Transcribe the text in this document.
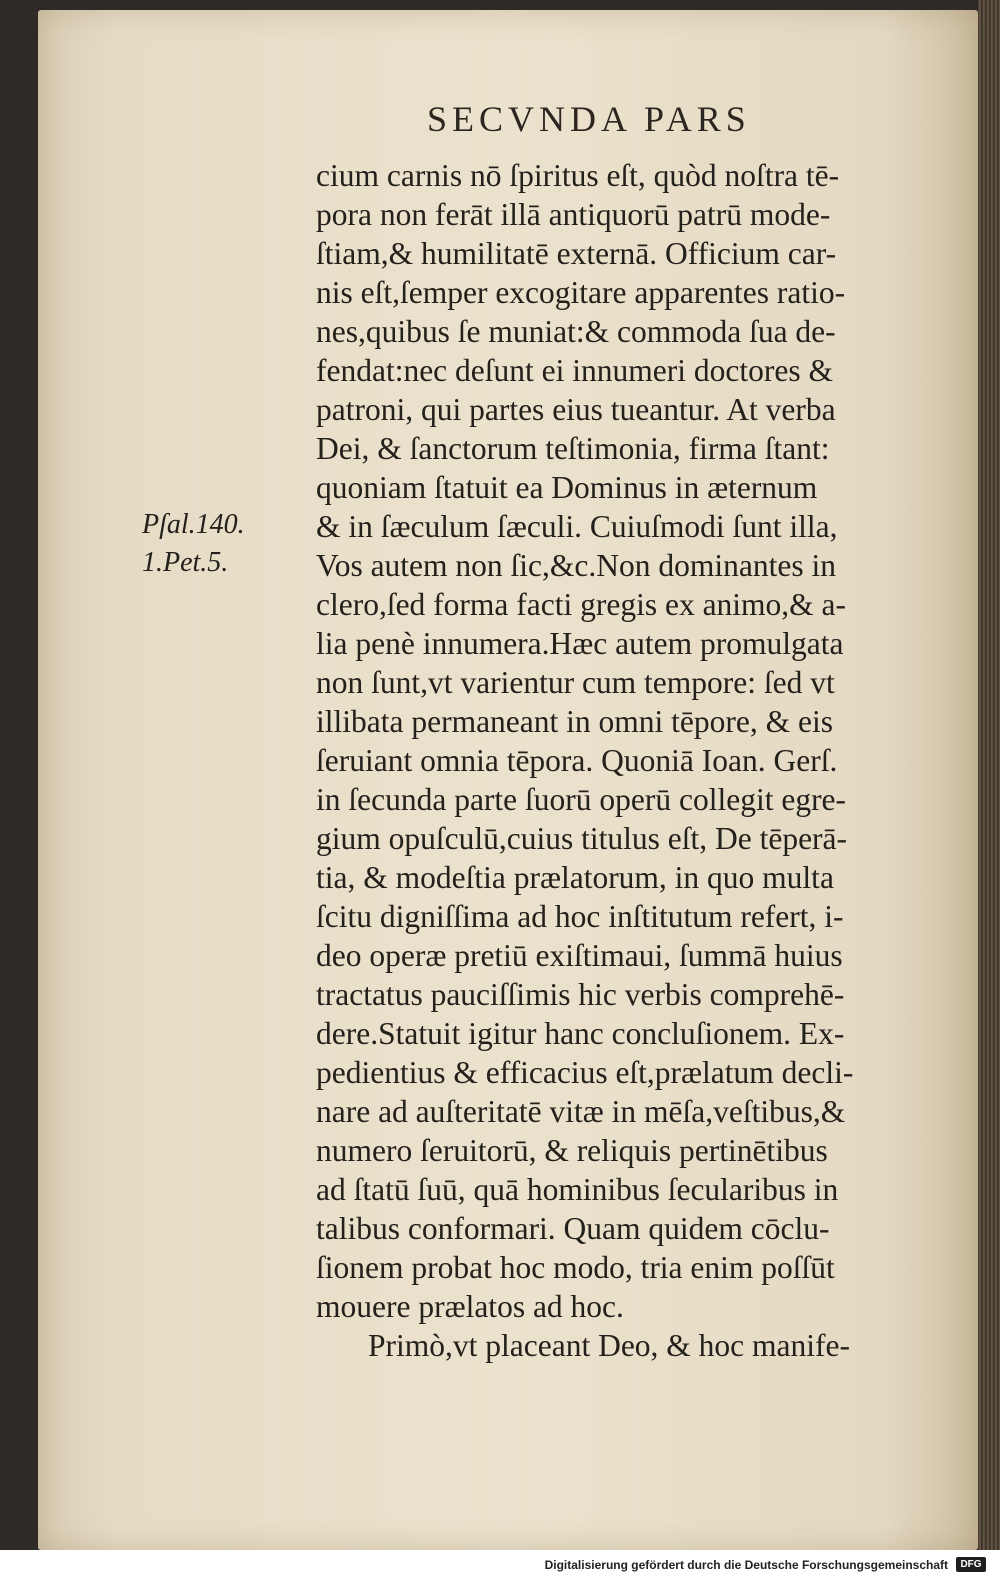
SECVNDA PARS
Pſal.140.
1.Pet.5.
cium carnis nō ſpiritus eſt, quòd noſtra tē-
pora non ferāt illā antiquorū patrū mode-
ſtiam,& humilitatē externā. Officium car-
nis eſt,ſemper excogitare apparentes ratio-
nes,quibus ſe muniat:& commoda ſua de-
fendat:nec deſunt ei innumeri doctores &
patroni, qui partes eius tueantur. At verba
Dei, & ſanctorum teſtimonia, firma ſtant:
quoniam ſtatuit ea Dominus in æternum
& in ſæculum ſæculi. Cuiuſmodi ſunt illa,
Vos autem non ſic,&c.Non dominantes in
clero,ſed forma facti gregis ex animo,& a-
lia penè innumera.Hæc autem promulgata
non ſunt,vt varientur cum tempore: ſed vt
illibata permaneant in omni tēpore, & eis
ſeruiant omnia tēpora. Quoniā Ioan. Gerſ.
in ſecunda parte ſuorū operū collegit egre-
gium opuſculū,cuius titulus eſt, De tēperā-
tia, & modeſtia prælatorum, in quo multa
ſcitu digniſſima ad hoc inſtitutum refert, i-
deo operæ pretiū exiſtimaui, ſummā huius
tractatus pauciſſimis hic verbis comprehē-
dere.Statuit igitur hanc concluſionem. Ex-
pedientius & efficacius eſt,prælatum decli-
nare ad auſteritatē vitæ in mēſa,veſtibus,&
numero ſeruitorū, & reliquis pertinētibus
ad ſtatū ſuū, quā hominibus ſecularibus in
talibus conformari. Quam quidem cōclu-
ſionem probat hoc modo, tria enim poſſūt
mouere prælatos ad hoc.
Primò,vt placeant Deo, & hoc manife-
Digitalisierung gefördert durch die Deutsche Forschungsgemeinschaft	DFG
